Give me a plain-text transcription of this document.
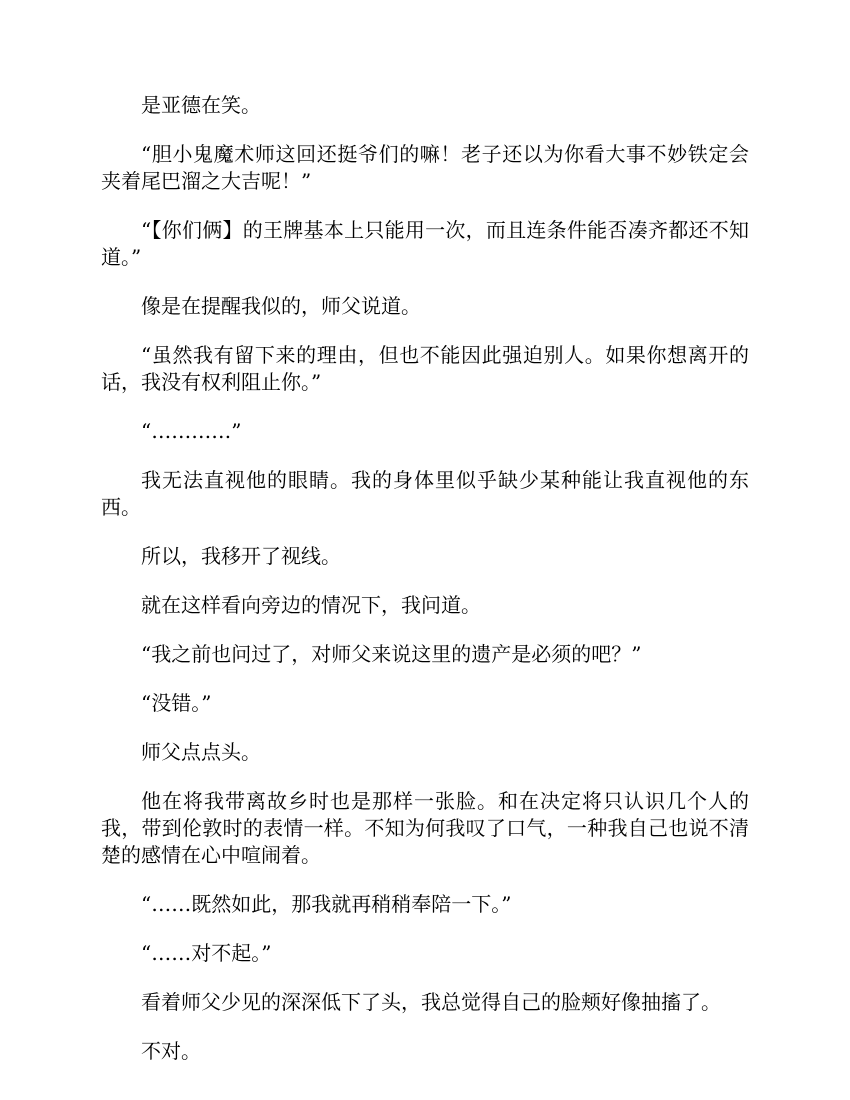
是亚德在笑。

“胆小鬼魔术师这回还挺爷们的嘛！老子还以为你看大事不妙铁定会夹着尾巴溜之大吉呢！”

“【你们俩】的王牌基本上只能用一次，而且连条件能否凑齐都还不知道。”

像是在提醒我似的，师父说道。

“虽然我有留下来的理由，但也不能因此强迫别人。如果你想离开的话，我没有权利阻止你。”

“…………”

我无法直视他的眼睛。我的身体里似乎缺少某种能让我直视他的东西。

所以，我移开了视线。

就在这样看向旁边的情况下，我问道。

“我之前也问过了，对师父来说这里的遗产是必须的吧？”

“没错。”

师父点点头。

他在将我带离故乡时也是那样一张脸。和在决定将只认识几个人的我，带到伦敦时的表情一样。不知为何我叹了口气，一种我自己也说不清楚的感情在心中喧闹着。

“……既然如此，那我就再稍稍奉陪一下。”

“……对不起。”

看着师父少见的深深低下了头，我总觉得自己的脸颊好像抽搐了。

不对。
